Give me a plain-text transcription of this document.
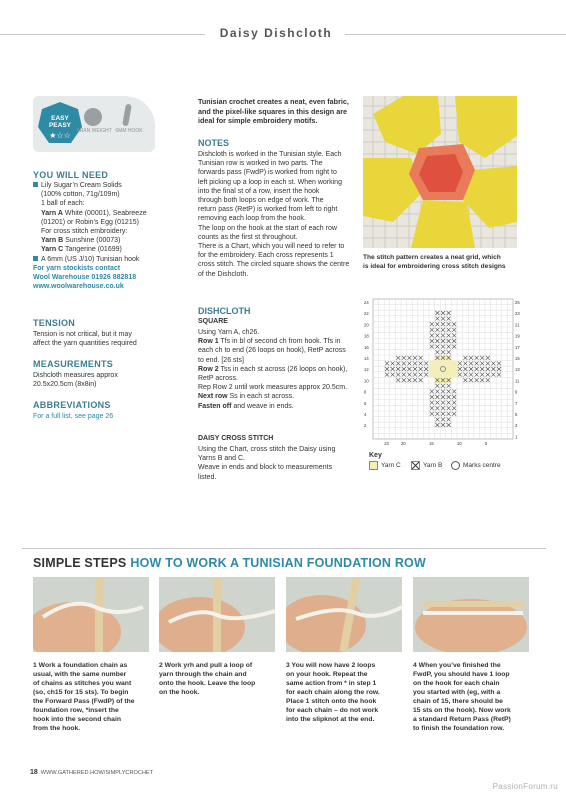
Daisy Dishcloth
EASY
PEASY
★☆☆	ARAN WEIGHT 6MM HOOK
YOU WILL NEED
Lily Sugar’n Cream Solids
(100% cotton, 71g/109m)
1 ball of each:
Yarn A White (00001), Seabreeze
(01201) or Robin’s Egg (01215)
For cross stitch embroidery:
Yarn B Sunshine (00073)
Yarn C Tangerine (01699)
A 6mm (US J/10) Tunisian hook
For yarn stockists contact
Wool Warehouse 01926 882818
www.woolwarehouse.co.uk
TENSION
Tension is not critical, but it may
affect the yarn quantities required
MEASUREMENTS
Dishcloth measures approx
20.5x20.5cm (8x8in)
ABBREVIATIONS
For a full list, see page 26
Tunisian crochet creates a neat, even fabric,
and the pixel-like squares in this design are
ideal for simple embroidery motifs.
NOTES
Dishcloth is worked in the Tunisian style. Each
Tunisian row is worked in two parts. The
forwards pass (FwdP) is worked from right to
left picking up a loop in each st. When working
into the final st of a row, insert the hook
through both loops on edge of work. The
return pass (RetP) is worked from left to right
removing each loop from the hook.
The loop on the hook at the start of each row
counts as the first st throughout.
There is a Chart, which you will need to refer to
for the embroidery. Each cross represents 1
cross stitch. The circled square shows the centre
of the Dishcloth.
DISHCLOTH
SQUARE
Using Yarn A, ch26.
Row 1 Tfs in bl of second ch from hook. Tfs in
each ch to end (26 loops on hook), RetP across
to end. [26 sts]
Row 2 Tss in each st across (26 loops on hook),
RetP across.
Rep Row 2 until work measures approx 20.5cm.
Next row Ss in each st across.
Fasten off and weave in ends.
DAISY CROSS STITCH
Using the Chart, cross stitch the Daisy using
Yarns B and C.
Weave in ends and block to measurements
listed.
The stitch pattern creates a neat grid, which
is ideal for embroidering cross stitch designs
24
22
20
18
16
14
12
10
8
6
4
2
25
23
21
19
17
15
13
11
9
7
5
3
1
23	20	15	10	5
Key
Yarn C	Yarn B	Marks centre
SIMPLE STEPS HOW TO WORK A TUNISIAN FOUNDATION ROW
1 Work a foundation chain as
usual, with the same number
of chains as stitches you want
(so, ch15 for 15 sts). To begin
the Forward Pass (FwdP) of the
foundation row, *insert the
hook into the second chain
from the hook.
2 Work yrh and pull a loop of
yarn through the chain and
onto the hook. Leave the loop
on the hook.
3 You will now have 2 loops
on your hook. Repeat the
same action from * in step 1
for each chain along the row.
Place 1 stitch onto the hook
for each chain – do not work
into the slipknot at the end.
4 When you’ve finished the
FwdP, you should have 1 loop
on the hook for each chain
you started with (eg, with a
chain of 15, there should be
15 sts on the hook). Now work
a standard Return Pass (RetP)
to finish the foundation row.
18 WWW.GATHERED.HOW/SIMPLYCROCHET
PassionForum.ru
